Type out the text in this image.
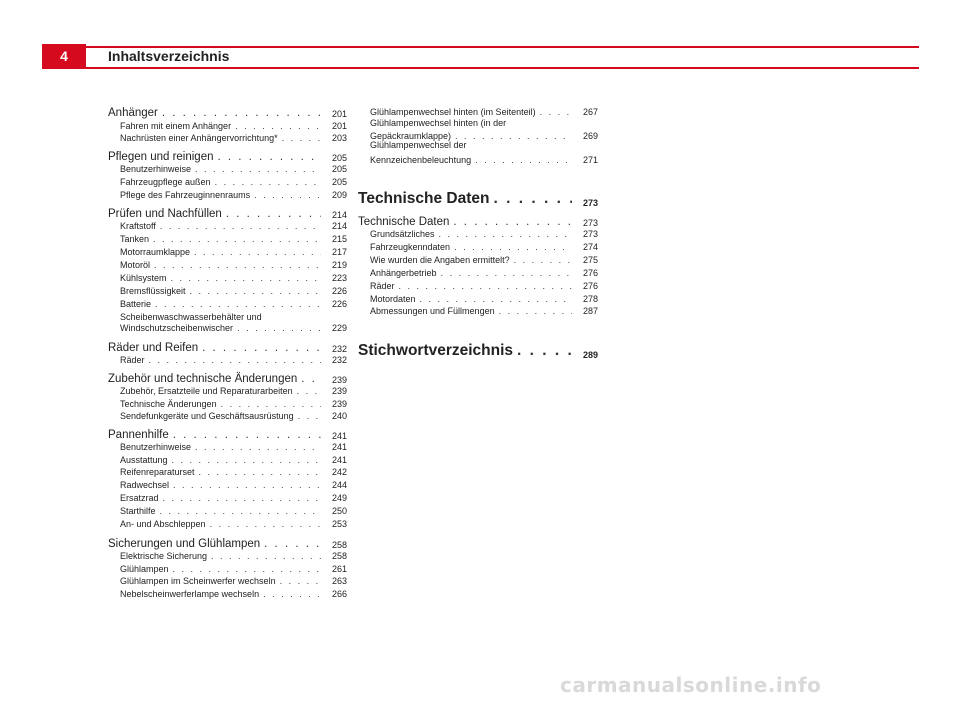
4	Inhaltsverzeichnis
Anhänger . . .	201
Fahren mit einem Anhänger . . .	201
Nachrüsten einer Anhängervorrichtung* . . .	203
Pflegen und reinigen . . .	205
Benutzerhinweise . . .	205
Fahrzeugpflege außen . . .	205
Pflege des Fahrzeuginnenraums . . .	209
Prüfen und Nachfüllen . . .	214
Kraftstoff . . .	214
Tanken . . .	215
Motorraumklappe . . .	217
Motoröl . . .	219
Kühlsystem . . .	223
Bremsflüssigkeit . . .	226
Batterie . . .	226
Scheibenwaschwasserbehälter und
Windschutzscheibenwischer . . .	229
Räder und Reifen . . .	232
Räder . . .	232
Zubehör und technische Änderungen . . .	239
Zubehör, Ersatzteile und Reparaturarbeiten . . .	239
Technische Änderungen . . .	239
Sendefunkgeräte und Geschäftsausrüstung . . .	240
Pannenhilfe . . .	241
Benutzerhinweise . . .	241
Ausstattung . . .	241
Reifenreparaturset . . .	242
Radwechsel . . .	244
Ersatzrad . . .	249
Starthilfe . . .	250
An- und Abschleppen . . .	253
Sicherungen und Glühlampen . . .	258
Elektrische Sicherung . . .	258
Glühlampen . . .	261
Glühlampen im Scheinwerfer wechseln . . .	263
Nebelscheinwerferlampe wechseln . . .	266
Glühlampenwechsel hinten (im Seitenteil) . . .	267
Glühlampenwechsel hinten (in der
Gepäckraumklappe) . . .	269
Glühlampenwechsel der
Kennzeichenbeleuchtung . . .	271
Technische Daten . . .	273
Technische Daten . . .	273
Grundsätzliches . . .	273
Fahrzeugkenndaten . . .	274
Wie wurden die Angaben ermittelt? . . .	275
Anhängerbetrieb . . .	276
Räder . . .	276
Motordaten . . .	278
Abmessungen und Füllmengen . . .	287
Stichwortverzeichnis . . .	289
carmanualsonline.info
